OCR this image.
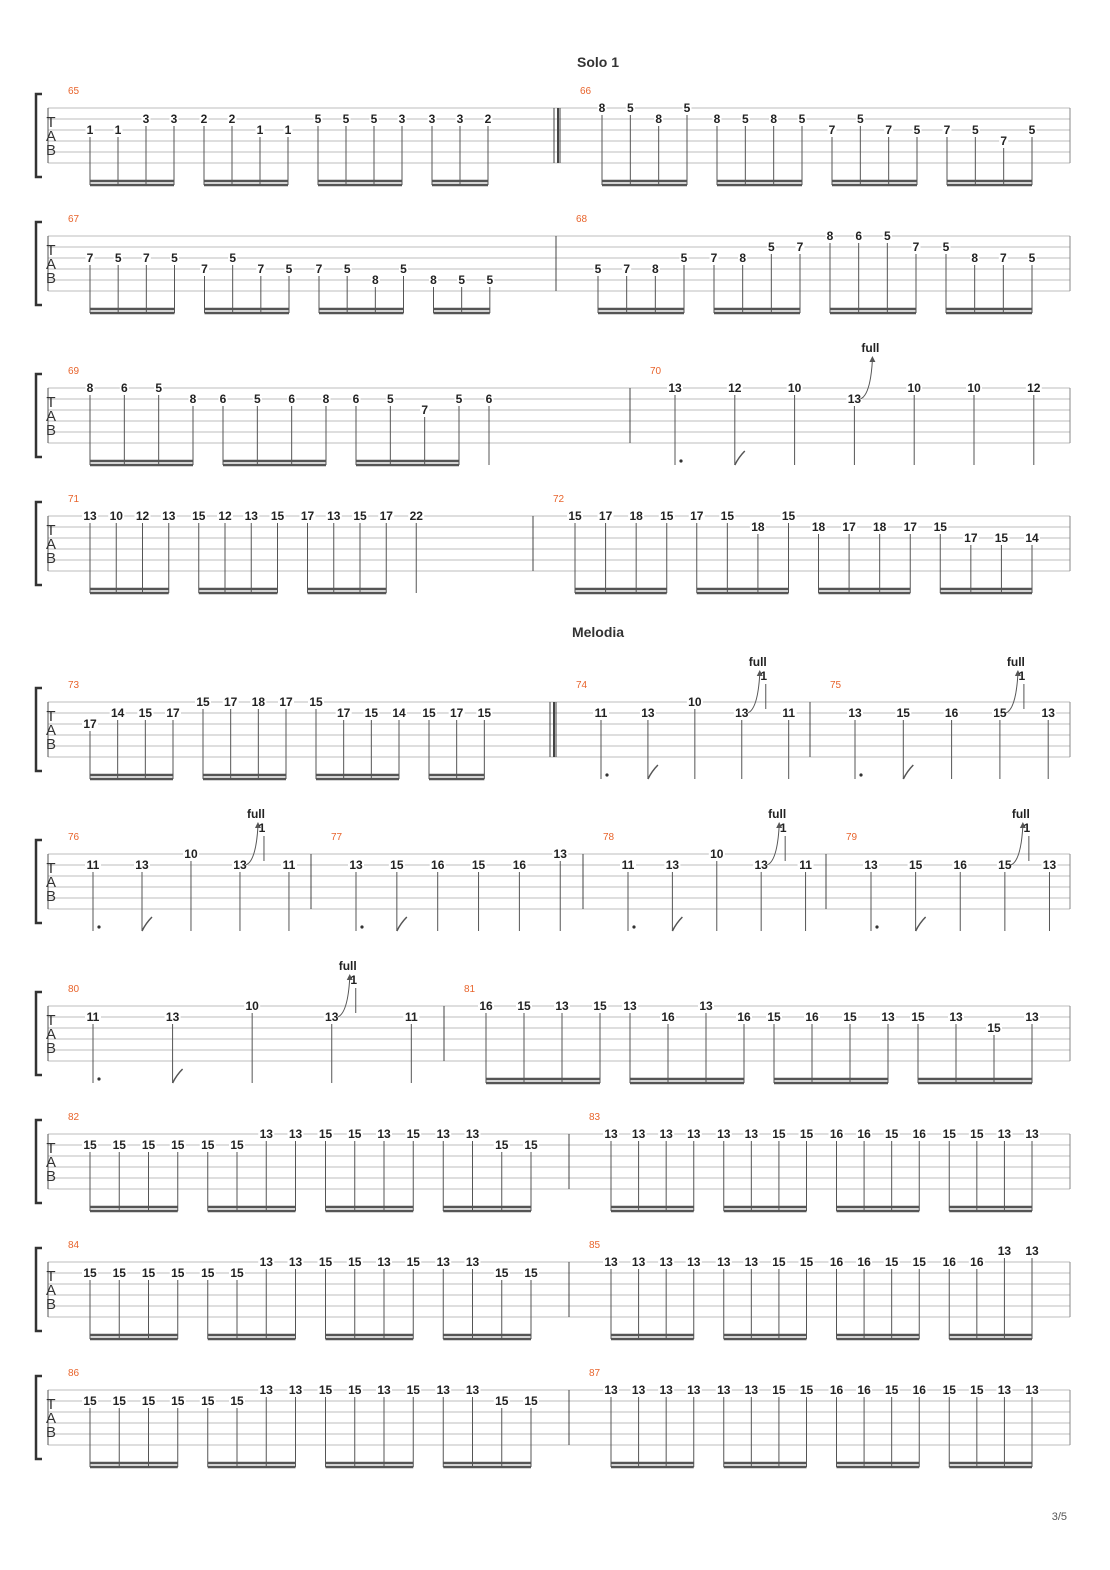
Solo 1
Melodia
T
A
B
65
1 1
3 3 2 2
1 1
5 5 5 3 3 3 2
66
8 5
8
5
8 5 8 5
7
5
7 5 7 5
7
5
T
A
B
67
7 5 7 5
7
5
7 5 7 5
8
5
8 5 5
68
5 7 8
5 7 8
5 7
8 6 5
7 5
8 7 5
T
A
B
69
8 6 5
8 6 5 6 8 6 5
7
5 6
70
13	12	10
13
10	10	12
full
T
A
B
71
13 10 12 13 15 12 13 15 17 13 15 17 22
72
15 17 18 15 17 15
18
15
18 17 18 17 15
17 15 14
T
A
B
73
17
14 15 17
15 17 18 17 15
17 15 14 15 17 15
74
11	13
10
13	11
full
1
75
13	15	16	15	13
full
1
T
A
B
76
11	13
10
13	11
full
1
77
13 15 16 15 16
13
78
11	13
10
13	11
full
1
79
13	15	16	15	13
full
1
T
A
B
80
11	13
10
13	11
full
1
81
16 15 13 15 13
16
13
16 15 16 15 13 15 13
15
13
T
A
B
82
15 15 15 15 15 15
13 13 15 15 13 15 13 13
15 15
83
13 13 13 13 13 13 15 15 16 16 15 16 15 15 13 13
T
A
B
84
15 15 15 15 15 15
13 13 15 15 13 15 13 13
15 15
85
13 13 13 13 13 13 15 15 16 16 15 15 16 16
13 13
T
A
B
86
15 15 15 15 15 15
13 13 15 15 13 15 13 13
15 15
87
13 13 13 13 13 13 15 15 16 16 15 16 15 15 13 13
3/5
